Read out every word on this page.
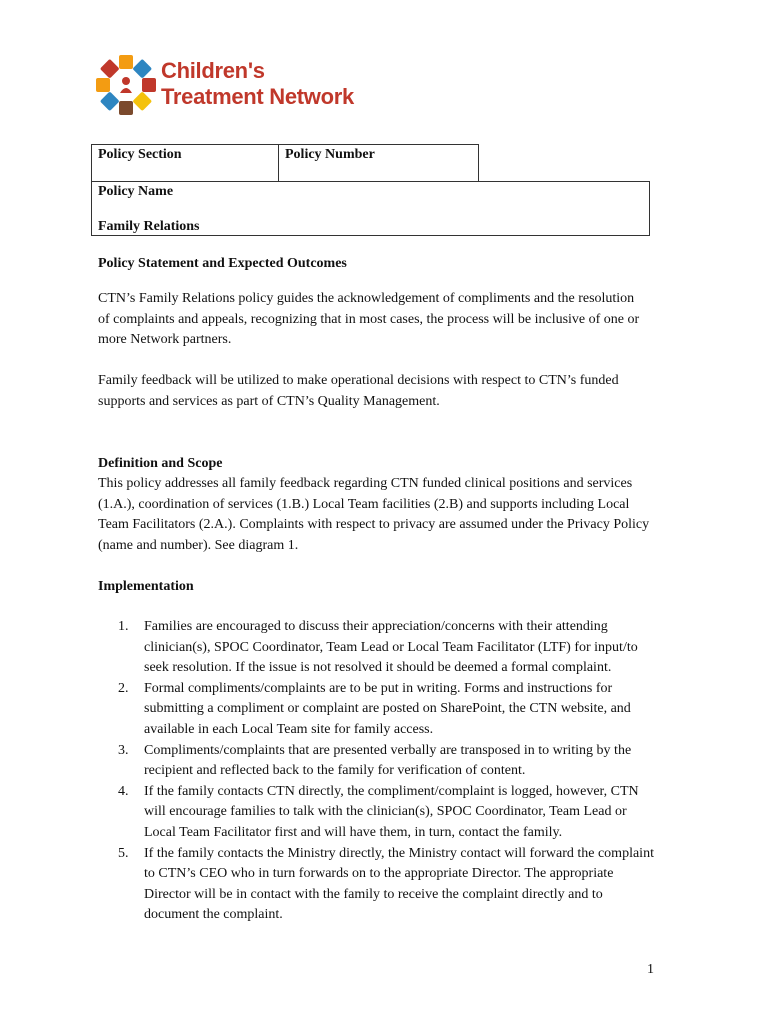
Children's
Treatment Network
Policy Section	Policy Number
Policy Name
Family Relations
Policy Statement and Expected Outcomes
CTN’s Family Relations policy guides the acknowledgement of compliments and the resolution of complaints and appeals, recognizing that in most cases, the process will be inclusive of one or more Network partners.
Family feedback will be utilized to make operational decisions with respect to CTN’s funded supports and services as part of CTN’s Quality Management.
Definition and Scope
This policy addresses all family feedback regarding CTN funded clinical positions and services (1.A.), coordination of services (1.B.) Local Team facilities (2.B) and supports including Local Team Facilitators (2.A.). Complaints with respect to privacy are assumed under the Privacy Policy (name and number). See diagram 1.
Implementation
1. Families are encouraged to discuss their appreciation/concerns with their attending clinician(s), SPOC Coordinator, Team Lead or Local Team Facilitator (LTF) for input/to seek resolution. If the issue is not resolved it should be deemed a formal complaint.
2. Formal compliments/complaints are to be put in writing. Forms and instructions for submitting a compliment or complaint are posted on SharePoint, the CTN website, and available in each Local Team site for family access.
3. Compliments/complaints that are presented verbally are transposed in to writing by the recipient and reflected back to the family for verification of content.
4. If the family contacts CTN directly, the compliment/complaint is logged, however, CTN will encourage families to talk with the clinician(s), SPOC Coordinator, Team Lead or Local Team Facilitator first and will have them, in turn, contact the family.
5. If the family contacts the Ministry directly, the Ministry contact will forward the complaint to CTN’s CEO who in turn forwards on to the appropriate Director. The appropriate Director will be in contact with the family to receive the complaint directly and to document the complaint.
1
